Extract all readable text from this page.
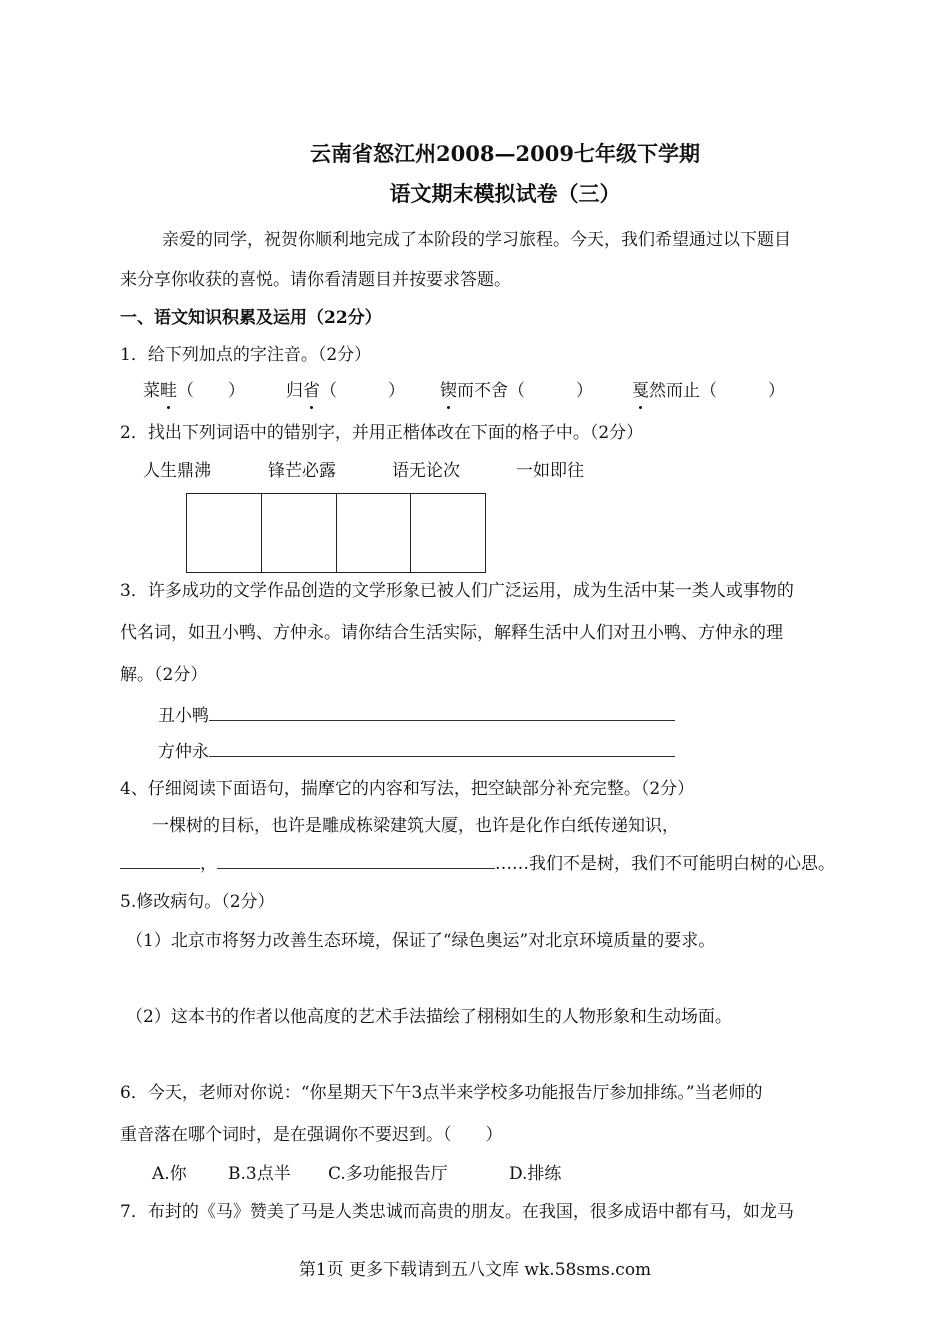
云南省怒江州2008—2009七年级下学期
语文期末模拟试卷（三）
亲爱的同学，祝贺你顺利地完成了本阶段的学习旅程。今天，我们希望通过以下题目
来分享你收获的喜悦。请你看清题目并按要求答题。
一、语文知识积累及运用（22分）
1．给下列加点的字注音。（2分）
菜畦（　　） 归省（　　　） 锲而不舍（　　　） 戛然而止（　　　）
2．找出下列词语中的错别字，并用正楷体改在下面的格子中。（2分）
人生鼎沸	锋芒必露	语无论次	一如即往
3．许多成功的文学作品创造的文学形象已被人们广泛运用，成为生活中某一类人或事物的
代名词，如丑小鸭、方仲永。请你结合生活实际，解释生活中人们对丑小鸭、方仲永的理
解。（2分）
丑小鸭
方仲永
4、仔细阅读下面语句，揣摩它的内容和写法，把空缺部分补充完整。（2分）
一棵树的目标，也许是雕成栋梁建筑大厦，也许是化作白纸传递知识，
，	……我们不是树，我们不可能明白树的心思。
5.修改病句。（2分）
（1）北京市将努力改善生态环境，保证了“绿色奥运”对北京环境质量的要求。
（2）这本书的作者以他高度的艺术手法描绘了栩栩如生的人物形象和生动场面。
6．今天，老师对你说：“你星期天下午3点半来学校多功能报告厅参加排练。”当老师的
重音落在哪个词时，是在强调你不要迟到。（　　）
A.你 B.3点半 C.多功能报告厅	D.排练
7．布封的《马》赞美了马是人类忠诚而高贵的朋友。在我国，很多成语中都有马，如龙马
第1页 更多下载请到五八文库 wk.58sms.com
